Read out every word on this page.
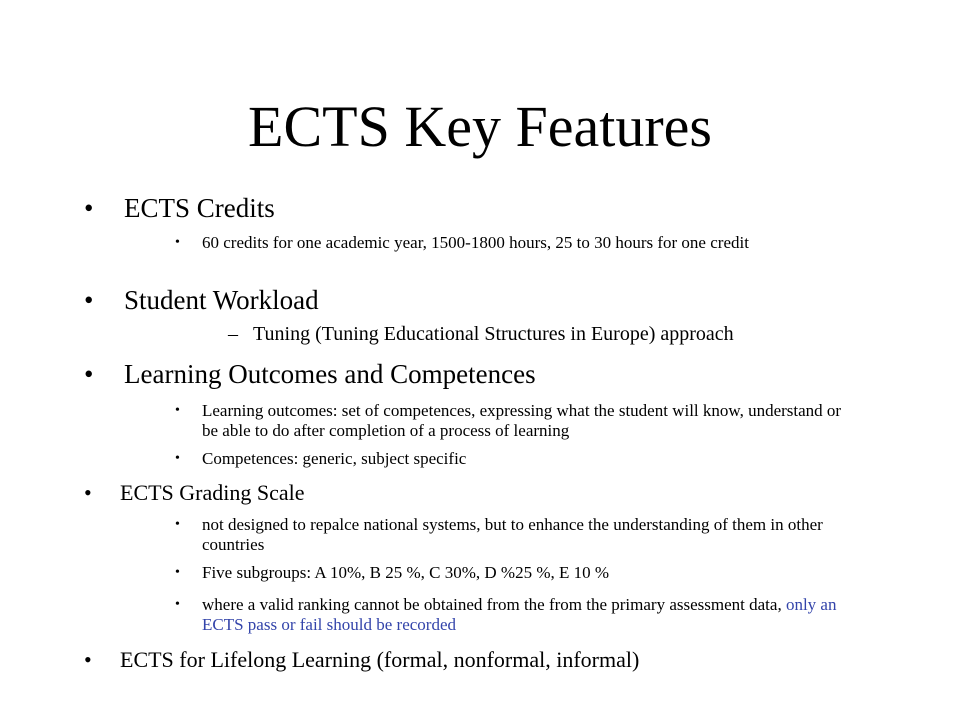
ECTS Key Features
•	ECTS Credits
•	60 credits for one academic year, 1500-1800 hours, 25 to 30 hours for one credit
•	Student Workload
– Tuning (Tuning Educational Structures in Europe) approach
•	Learning Outcomes and Competences
•	Learning outcomes: set of competences, expressing what the student will know, understand or be able to do after completion of a process of learning
•	Competences: generic, subject specific
•	ECTS Grading Scale
•	not designed to repalce national systems, but to enhance the understanding of them in other countries
•	Five subgroups: A 10%, B 25 %, C 30%, D %25 %, E 10 %
•	where a valid ranking cannot be obtained from the from the primary assessment data, only an ECTS pass or fail should be recorded
•	ECTS for Lifelong Learning (formal, nonformal, informal)
